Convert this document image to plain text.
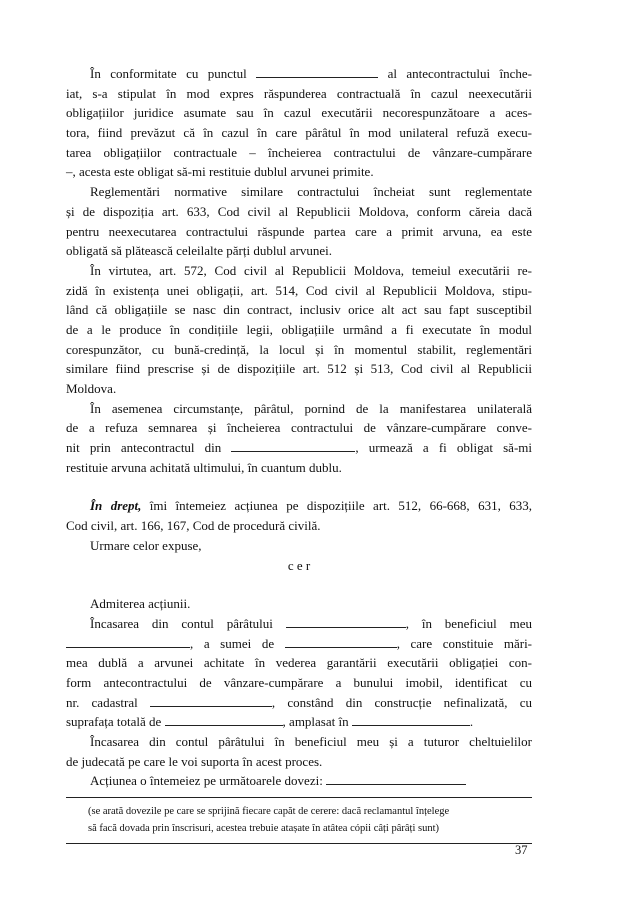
În conformitate cu punctul	al antecontractului înche-
iat, s-a stipulat în mod expres răspunderea contractuală în cazul neexecutării
obligațiilor juridice asumate sau în cazul executării necorespunzătoare a aces-
tora, fiind prevăzut că în cazul în care pârâtul în mod unilateral refuză execu-
tarea obligațiilor contractuale – încheierea contractului de vânzare-cumpărare
–, acesta este obligat să-mi restituie dublul arvunei primite.
Reglementări normative similare contractului încheiat sunt reglementate
și de dispoziția art. 633, Cod civil al Republicii Moldova, conform căreia dacă
pentru neexecutarea contractului răspunde partea care a primit arvuna, ea este
obligată să plătească celeilalte părți dublul arvunei.
În virtutea, art. 572, Cod civil al Republicii Moldova, temeiul executării re-
zidă în existența unei obligații, art. 514, Cod civil al Republicii Moldova, stipu-
lând că obligațiile se nasc din contract, inclusiv orice alt act sau fapt susceptibil
de a le produce în condițiile legii, obligațiile urmând a fi executate în modul
corespunzător, cu bună-credință, la locul și în momentul stabilit, reglementări
similare fiind prescrise și de dispozițiile art. 512 și 513, Cod civil al Republicii
Moldova.
În asemenea circumstanțe, pârâtul, pornind de la manifestarea unilaterală
de a refuza semnarea și încheierea contractului de vânzare-cumpărare conve-
nit prin antecontractul din	, urmează a fi obligat să-mi
restituie arvuna achitată ultimului, în cuantum dublu.
În drept, îmi întemeiez acțiunea pe dispozițiile art. 512, 66-668, 631, 633,
Cod civil, art. 166, 167, Cod de procedură civilă.
Urmare celor expuse,
c e r
Admiterea acțiunii.
Încasarea din contul pârâtului	, în beneficiul meu
, a sumei de	, care constituie mări-
mea dublă a arvunei achitate în vederea garantării executării obligației con-
form antecontractului de vânzare-cumpărare a bunului imobil, identificat cu
nr. cadastral	, constând din construcție nefinalizată, cu
suprafața totală de	, amplasat în	.
Încasarea din contul pârâtului în beneficiul meu și a tuturor cheltuielilor
de judecată pe care le voi suporta în acest proces.
Acțiunea o întemeiez pe următoarele dovezi:
(se arată dovezile pe care se sprijină fiecare capăt de cerere: dacă reclamantul înțelege
să facă dovada prin înscrisuri, acestea trebuie atașate în atâtea cópii câți pârâți sunt)
37
